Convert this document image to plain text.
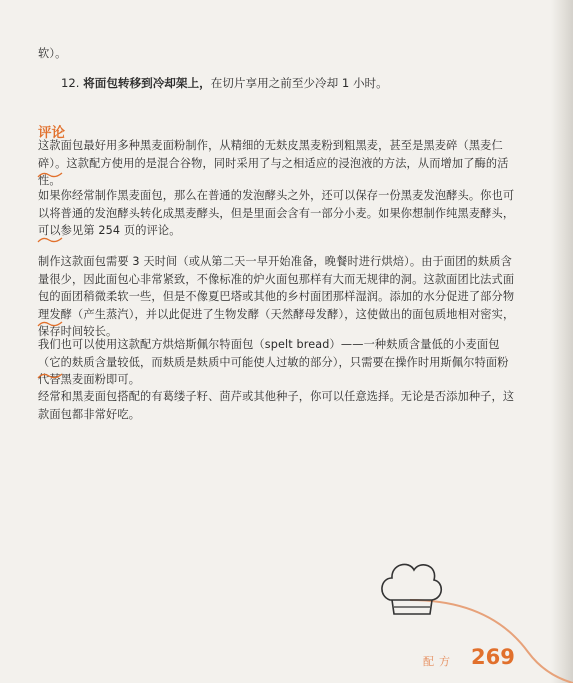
软）。
12. 将面包转移到冷却架上，在切片享用之前至少冷却 1 小时。
评论
这款面包最好用多种黑麦面粉制作，从精细的无麸皮黑麦粉到粗黑麦，甚至是黑麦碎（黑麦仁碎）。这款配方使用的是混合谷物，同时采用了与之相适应的浸泡液的方法，从而增加了酶的活性。
如果你经常制作黑麦面包，那么在普通的发泡酵头之外，还可以保存一份黑麦发泡酵头。你也可以将普通的发泡酵头转化成黑麦酵头，但是里面会含有一部分小麦。如果你想制作纯黑麦酵头，可以参见第 254 页的评论。
制作这款面包需要 3 天时间（或从第二天一早开始准备，晚餐时进行烘焙）。由于面团的麸质含量很少，因此面包心非常紧致，不像标准的炉火面包那样有大而无规律的洞。这款面团比法式面包的面团稍微柔软一些，但是不像夏巴塔或其他的乡村面团那样湿润。添加的水分促进了部分物理发酵（产生蒸汽），并以此促进了生物发酵（天然酵母发酵），这使做出的面包质地相对密实，保存时间较长。
我们也可以使用这款配方烘焙斯佩尔特面包（spelt bread）——一种麸质含量低的小麦面包（它的麸质含量较低，而麸质是麸质中可能使人过敏的部分），只需要在操作时用斯佩尔特面粉代替黑麦面粉即可。
经常和黑麦面包搭配的有葛缕子籽、茴芹或其他种子，你可以任意选择。无论是否添加种子，这款面包都非常好吃。
配方 269
